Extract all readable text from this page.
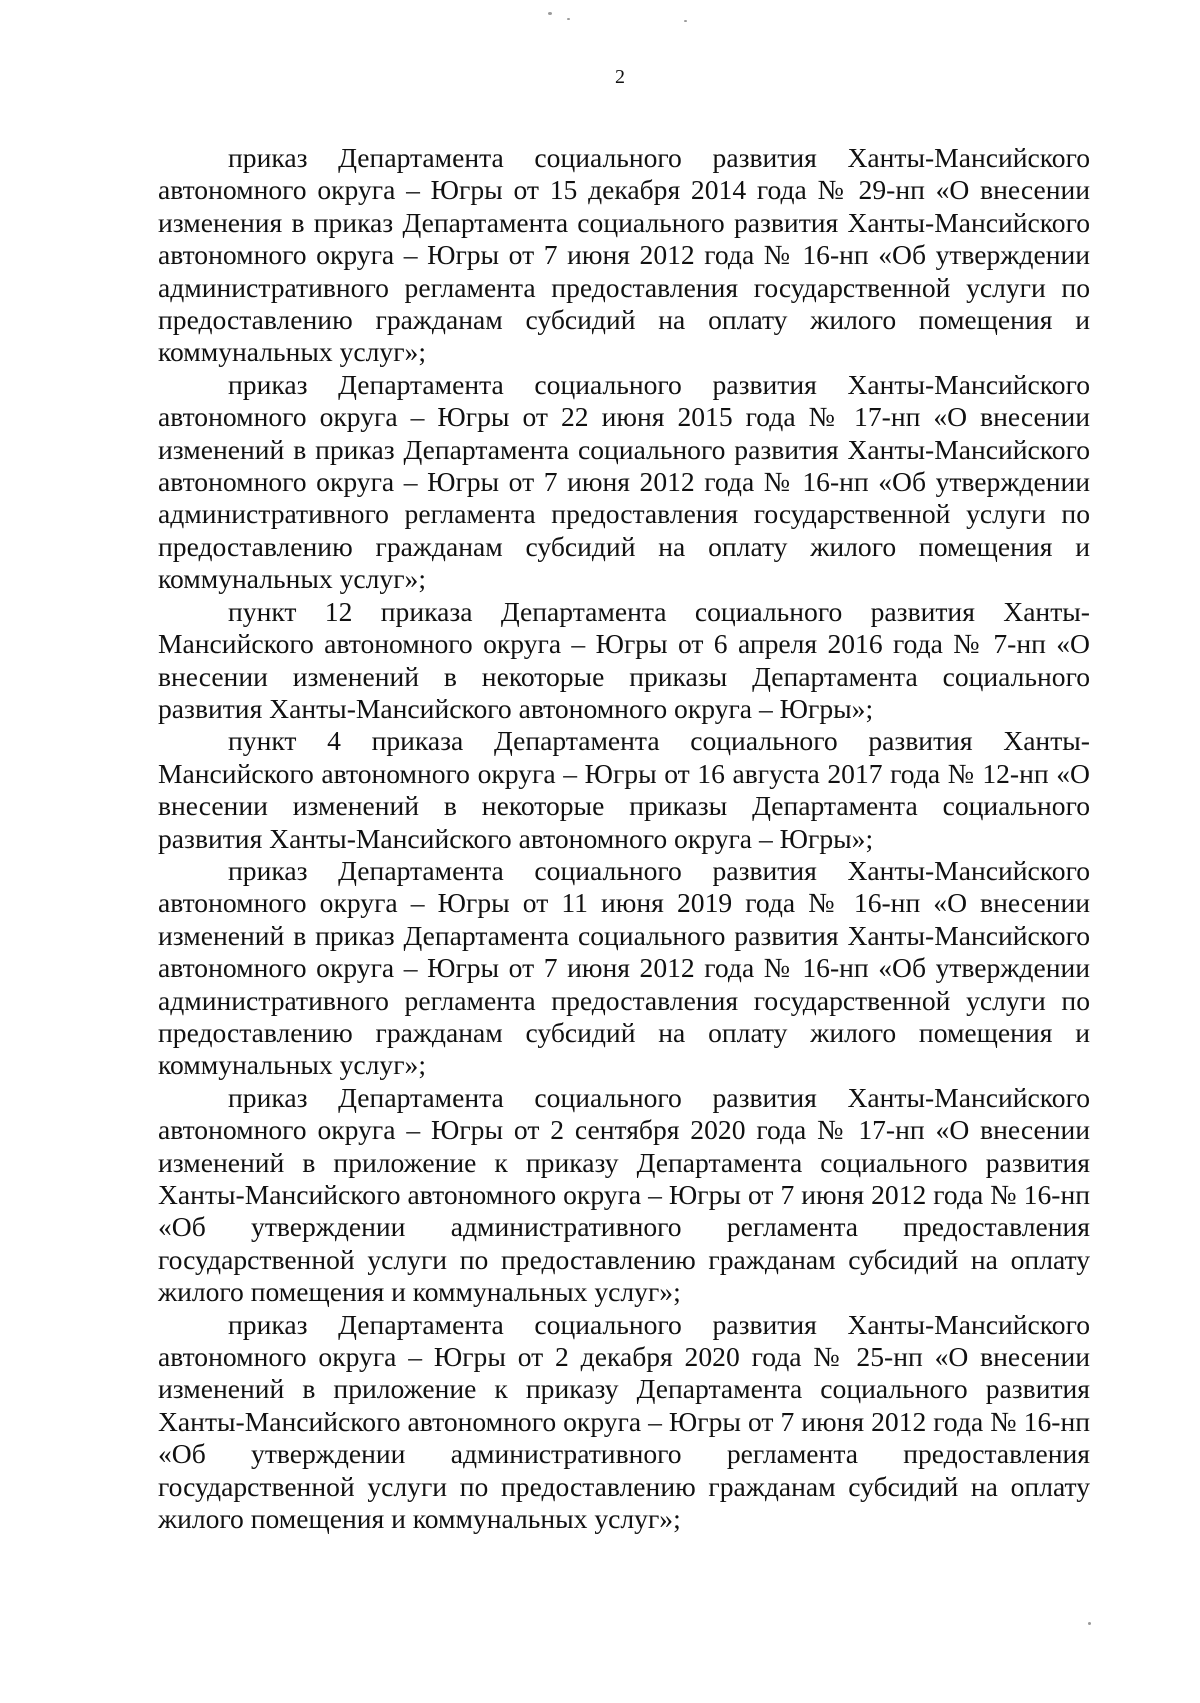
2

приказ Департамента социального развития Ханты-Мансийского автономного округа – Югры от 15 декабря 2014 года № 29-нп «О внесении изменения в приказ Департамента социального развития Ханты-Мансийского автономного округа – Югры от 7 июня 2012 года № 16-нп «Об утверждении административного регламента предоставления государственной услуги по предоставлению гражданам субсидий на оплату жилого помещения и коммунальных услуг»;

приказ Департамента социального развития Ханты-Мансийского автономного округа – Югры от 22 июня 2015 года № 17-нп «О внесении изменений в приказ Департамента социального развития Ханты-Мансийского автономного округа – Югры от 7 июня 2012 года № 16-нп «Об утверждении административного регламента предоставления государственной услуги по предоставлению гражданам субсидий на оплату жилого помещения и коммунальных услуг»;

пункт 12 приказа Департамента социального развития Ханты-Мансийского автономного округа – Югры от 6 апреля 2016 года № 7-нп «О внесении изменений в некоторые приказы Департамента социального развития Ханты-Мансийского автономного округа – Югры»;

пункт 4 приказа Департамента социального развития Ханты-Мансийского автономного округа – Югры от 16 августа 2017 года № 12-нп «О внесении изменений в некоторые приказы Департамента социального развития Ханты-Мансийского автономного округа – Югры»;

приказ Департамента социального развития Ханты-Мансийского автономного округа – Югры от 11 июня 2019 года № 16-нп «О внесении изменений в приказ Департамента социального развития Ханты-Мансийского автономного округа – Югры от 7 июня 2012 года № 16-нп «Об утверждении административного регламента предоставления государственной услуги по предоставлению гражданам субсидий на оплату жилого помещения и коммунальных услуг»;

приказ Департамента социального развития Ханты-Мансийского автономного округа – Югры от 2 сентября 2020 года № 17-нп «О внесении изменений в приложение к приказу Департамента социального развития Ханты-Мансийского автономного округа – Югры от 7 июня 2012 года № 16-нп «Об утверждении административного регламента предоставления государственной услуги по предоставлению гражданам субсидий на оплату жилого помещения и коммунальных услуг»;

приказ Департамента социального развития Ханты-Мансийского автономного округа – Югры от 2 декабря 2020 года № 25-нп «О внесении изменений в приложение к приказу Департамента социального развития Ханты-Мансийского автономного округа – Югры от 7 июня 2012 года № 16-нп «Об утверждении административного регламента предоставления государственной услуги по предоставлению гражданам субсидий на оплату жилого помещения и коммунальных услуг»;
